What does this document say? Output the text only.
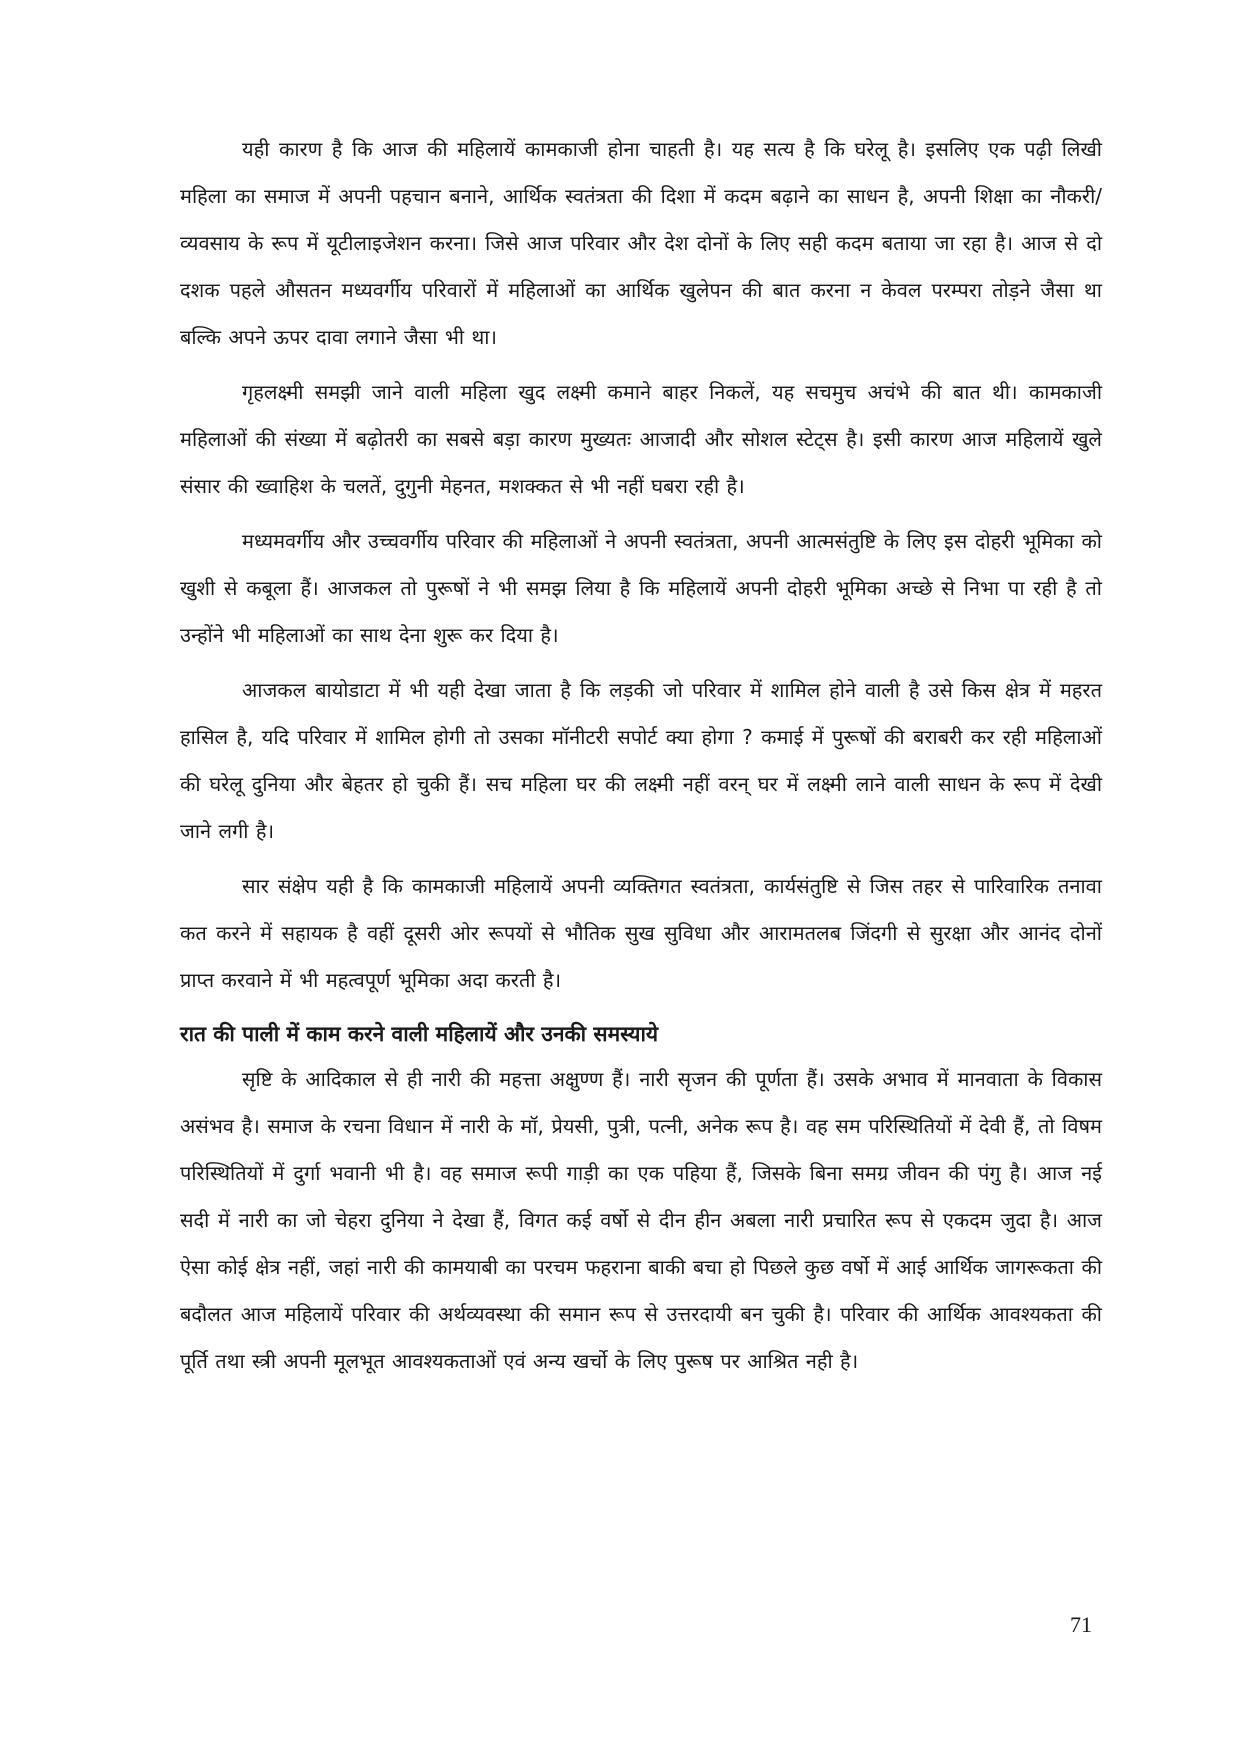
यही कारण है कि आज की महिलायें कामकाजी होना चाहती है। यह सत्य है कि घरेलू है। इसलिए एक पढ़ी लिखी महिला का समाज में अपनी पहचान बनाने, आर्थिक स्वतंत्रता की दिशा में कदम बढ़ाने का साधन है, अपनी शिक्षा का नौकरी/व्यवसाय के रूप में यूटीलाइजेशन करना। जिसे आज परिवार और देश दोनों के लिए सही कदम बताया जा रहा है। आज से दो दशक पहले औसतन मध्यवर्गीय परिवारों में महिलाओं का आर्थिक खुलेपन की बात करना न केवल परम्परा तोड़ने जैसा था बल्कि अपने ऊपर दावा लगाने जैसा भी था।

गृहलक्ष्मी समझी जाने वाली महिला खुद लक्ष्मी कमाने बाहर निकलें, यह सचमुच अचंभे की बात थी। कामकाजी महिलाओं की संख्या में बढ़ोतरी का सबसे बड़ा कारण मुख्यतः आजादी और सोशल स्टेट्स है। इसी कारण आज महिलायें खुले संसार की ख्वाहिश के चलतें, दुगुनी मेहनत, मशक्कत से भी नहीं घबरा रही है।

मध्यमवर्गीय और उच्चवर्गीय परिवार की महिलाओं ने अपनी स्वतंत्रता, अपनी आत्मसंतुष्टि के लिए इस दोहरी भूमिका को खुशी से कबूला हैं। आजकल तो पुरूषों ने भी समझ लिया है कि महिलायें अपनी दोहरी भूमिका अच्छे से निभा पा रही है तो उन्होंने भी महिलाओं का साथ देना शुरू कर दिया है।

आजकल बायोडाटा में भी यही देखा जाता है कि लड़की जो परिवार में शामिल होने वाली है उसे किस क्षेत्र में महरत हासिल है, यदि परिवार में शामिल होगी तो उसका मॉनीटरी सपोर्ट क्या होगा ? कमाई में पुरूषों की बराबरी कर रही महिलाओं की घरेलू दुनिया और बेहतर हो चुकी हैं। सच महिला घर की लक्ष्मी नहीं वरन् घर में लक्ष्मी लाने वाली साधन के रूप में देखी जाने लगी है।

सार संक्षेप यही है कि कामकाजी महिलायें अपनी व्यक्तिगत स्वतंत्रता, कार्यसंतुष्टि से जिस तहर से पारिवारिक तनावा कत करने में सहायक है वहीं दूसरी ओर रूपयों से भौतिक सुख सुविधा और आरामतलब जिंदगी से सुरक्षा और आनंद दोनों प्राप्त करवाने में भी महत्वपूर्ण भूमिका अदा करती है।

रात की पाली में काम करने वाली महिलायें और उनकी समस्याये

सृष्टि के आदिकाल से ही नारी की महत्ता अक्षुण्ण हैं। नारी सृजन की पूर्णता हैं। उसके अभाव में मानवाता के विकास असंभव है। समाज के रचना विधान में नारी के मॉ, प्रेयसी, पुत्री, पत्नी, अनेक रूप है। वह सम परिस्थितियों में देवी हैं, तो विषम परिस्थितियों में दुर्गा भवानी भी है। वह समाज रूपी गाड़ी का एक पहिया हैं, जिसके बिना समग्र जीवन की पंगु है। आज नई सदी में नारी का जो चेहरा दुनिया ने देखा हैं, विगत कई वर्षो से दीन हीन अबला नारी प्रचारित रूप से एकदम जुदा है। आज ऐसा कोई क्षेत्र नहीं, जहां नारी की कामयाबी का परचम फहराना बाकी बचा हो पिछले कुछ वर्षो में आई आर्थिक जागरूकता की बदौलत आज महिलायें परिवार की अर्थव्यवस्था की समान रूप से उत्तरदायी बन चुकी है। परिवार की आर्थिक आवश्यकता की पूर्ति तथा स्त्री अपनी मूलभूत आवश्यकताओं एवं अन्य खर्चो के लिए पुरूष पर आश्रित नही है।

71
